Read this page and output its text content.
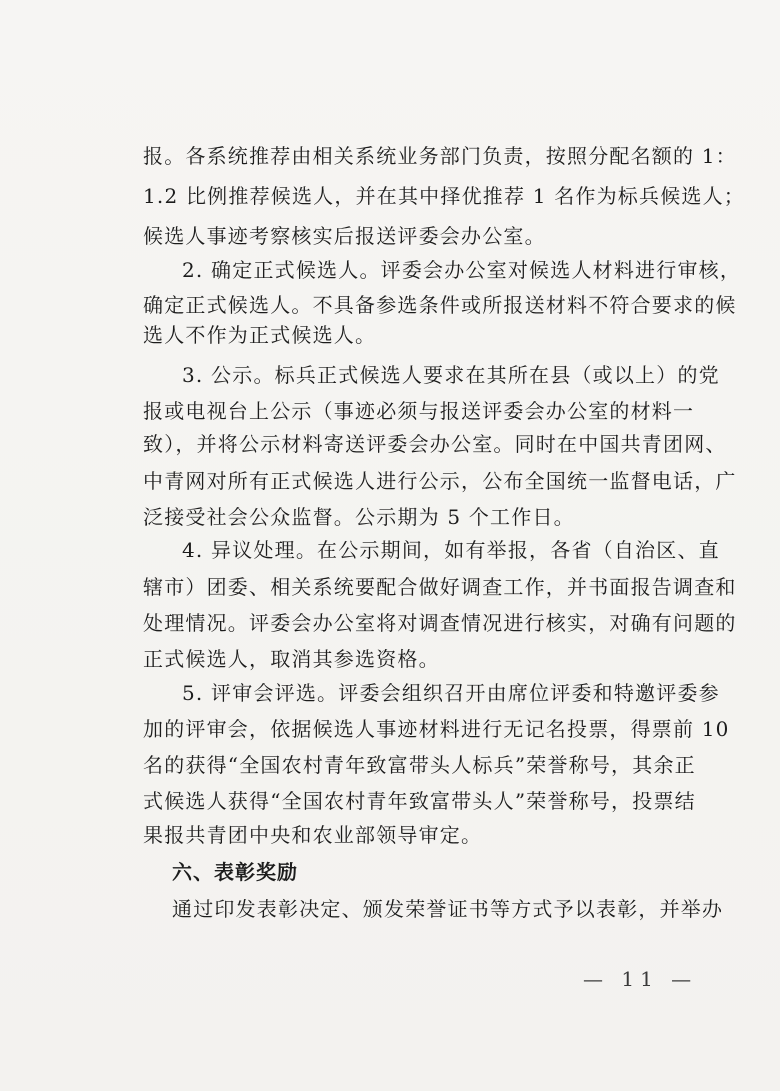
报。各系统推荐由相关系统业务部门负责，按照分配名额的 1：
1.2 比例推荐候选人，并在其中择优推荐 1 名作为标兵候选人；
候选人事迹考察核实后报送评委会办公室。
2. 确定正式候选人。评委会办公室对候选人材料进行审核，
确定正式候选人。不具备参选条件或所报送材料不符合要求的候
选人不作为正式候选人。
3. 公示。标兵正式候选人要求在其所在县（或以上）的党
报或电视台上公示（事迹必须与报送评委会办公室的材料一
致），并将公示材料寄送评委会办公室。同时在中国共青团网、
中青网对所有正式候选人进行公示，公布全国统一监督电话，广
泛接受社会公众监督。公示期为 5 个工作日。
4. 异议处理。在公示期间，如有举报，各省（自治区、直
辖市）团委、相关系统要配合做好调查工作，并书面报告调查和
处理情况。评委会办公室将对调查情况进行核实，对确有问题的
正式候选人，取消其参选资格。
5. 评审会评选。评委会组织召开由席位评委和特邀评委参
加的评审会，依据候选人事迹材料进行无记名投票，得票前 10
名的获得“全国农村青年致富带头人标兵”荣誉称号，其余正
式候选人获得“全国农村青年致富带头人”荣誉称号，投票结
果报共青团中央和农业部领导审定。
六、表彰奖励
通过印发表彰决定、颁发荣誉证书等方式予以表彰，并举办
— 11 —
